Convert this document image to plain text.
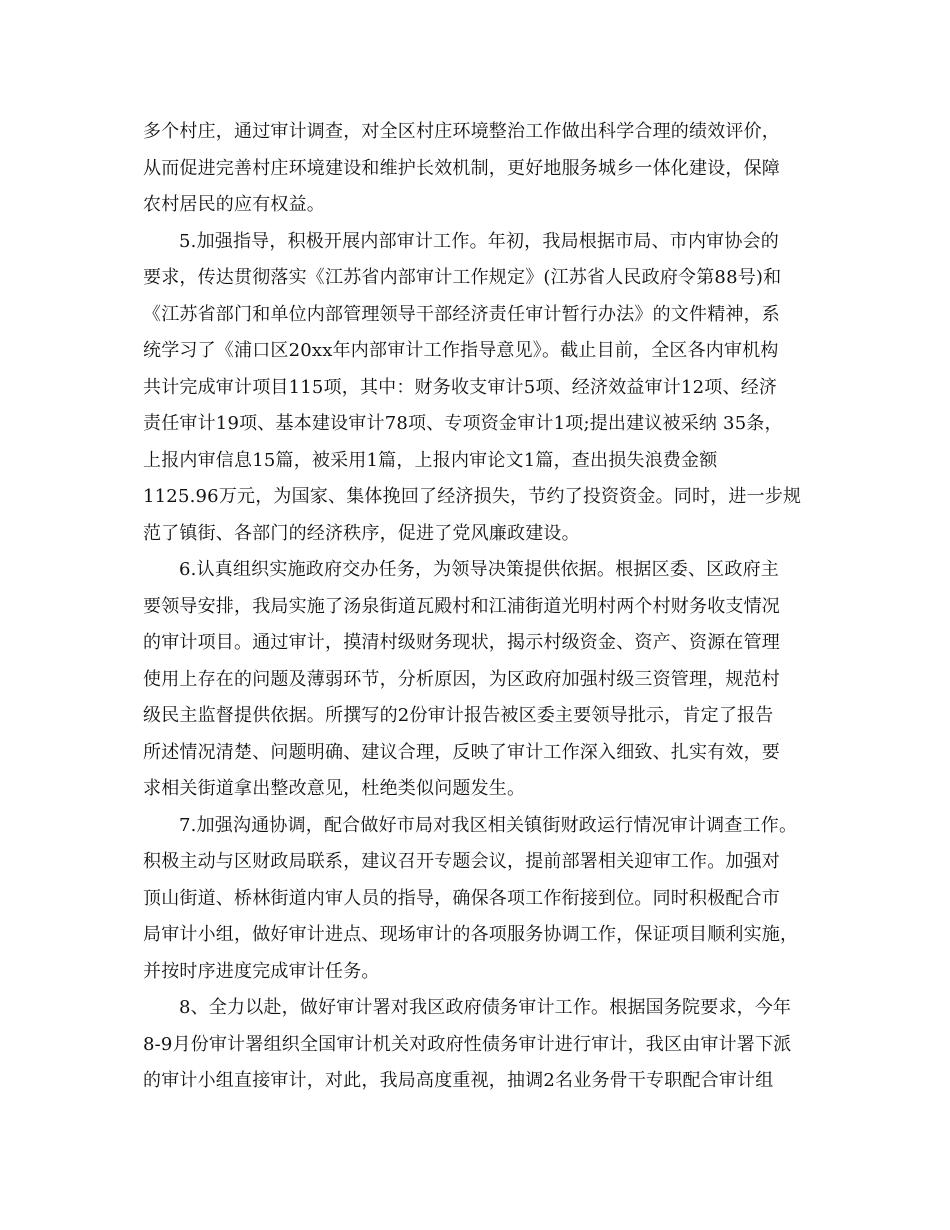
多个村庄，通过审计调查，对全区村庄环境整治工作做出科学合理的绩效评价，
从而促进完善村庄环境建设和维护长效机制，更好地服务城乡一体化建设，保障
农村居民的应有权益。
5.加强指导，积极开展内部审计工作。年初，我局根据市局、市内审协会的
要求，传达贯彻落实《江苏省内部审计工作规定》(江苏省人民政府令第88号)和
《江苏省部门和单位内部管理领导干部经济责任审计暂行办法》的文件精神，系
统学习了《浦口区20xx年内部审计工作指导意见》。截止目前，全区各内审机构
共计完成审计项目115项，其中：财务收支审计5项、经济效益审计12项、经济
责任审计19项、基本建设审计78项、专项资金审计1项;提出建议被采纳 35条，
上报内审信息15篇，被采用1篇，上报内审论文1篇，查出损失浪费金额
1125.96万元，为国家、集体挽回了经济损失，节约了投资资金。同时，进一步规
范了镇街、各部门的经济秩序，促进了党风廉政建设。
6.认真组织实施政府交办任务，为领导决策提供依据。根据区委、区政府主
要领导安排，我局实施了汤泉街道瓦殿村和江浦街道光明村两个村财务收支情况
的审计项目。通过审计，摸清村级财务现状，揭示村级资金、资产、资源在管理
使用上存在的问题及薄弱环节，分析原因，为区政府加强村级三资管理，规范村
级民主监督提供依据。所撰写的2份审计报告被区委主要领导批示，肯定了报告
所述情况清楚、问题明确、建议合理，反映了审计工作深入细致、扎实有效，要
求相关街道拿出整改意见，杜绝类似问题发生。
7.加强沟通协调，配合做好市局对我区相关镇街财政运行情况审计调查工作。
积极主动与区财政局联系，建议召开专题会议，提前部署相关迎审工作。加强对
顶山街道、桥林街道内审人员的指导，确保各项工作衔接到位。同时积极配合市
局审计小组，做好审计进点、现场审计的各项服务协调工作，保证项目顺利实施，
并按时序进度完成审计任务。
8、全力以赴，做好审计署对我区政府债务审计工作。根据国务院要求，今年
8-9月份审计署组织全国审计机关对政府性债务审计进行审计，我区由审计署下派
的审计小组直接审计，对此，我局高度重视，抽调2名业务骨干专职配合审计组
